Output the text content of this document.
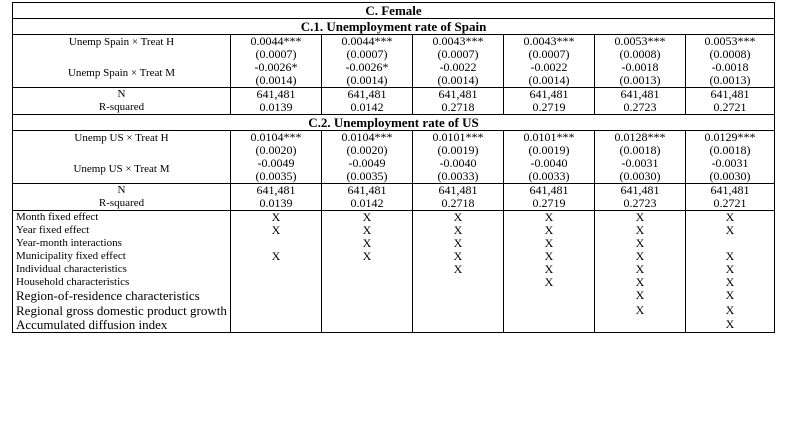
C. Female						
C.1. Unemployment rate of Spain						
Unemp Spain × Treat H	0.0044***	0.0044***	0.0043***	0.0043***	0.0053***	0.0053***
	(0.0007)	(0.0007)	(0.0007)	(0.0007)	(0.0008)	(0.0008)
Unemp Spain × Treat M	-0.0026*	-0.0026*	-0.0022	-0.0022	-0.0018	-0.0018
	(0.0014)	(0.0014)	(0.0014)	(0.0014)	(0.0013)	(0.0013)
N	641,481	641,481	641,481	641,481	641,481	641,481
R-squared	0.0139	0.0142	0.2718	0.2719	0.2723	0.2721
C.2. Unemployment rate of US						
Unemp US × Treat H	0.0104***	0.0104***	0.0101***	0.0101***	0.0128***	0.0129***
	(0.0020)	(0.0020)	(0.0019)	(0.0019)	(0.0018)	(0.0018)
Unemp US × Treat M	-0.0049	-0.0049	-0.0040	-0.0040	-0.0031	-0.0031
	(0.0035)	(0.0035)	(0.0033)	(0.0033)	(0.0030)	(0.0030)
N	641,481	641,481	641,481	641,481	641,481	641,481
R-squared	0.0139	0.0142	0.2718	0.2719	0.2723	0.2721
Month fixed effect	X	X	X	X	X	X
Year fixed effect	X	X	X	X	X	X
Year-month interactions		X	X	X	X	
Municipality fixed effect	X	X	X	X	X	X
Individual characteristics			X	X	X	X
Household characteristics				X	X	X
Region-of-residence characteristics					X	X
Regional gross domestic product growth					X	X
Accumulated diffusion index						X
